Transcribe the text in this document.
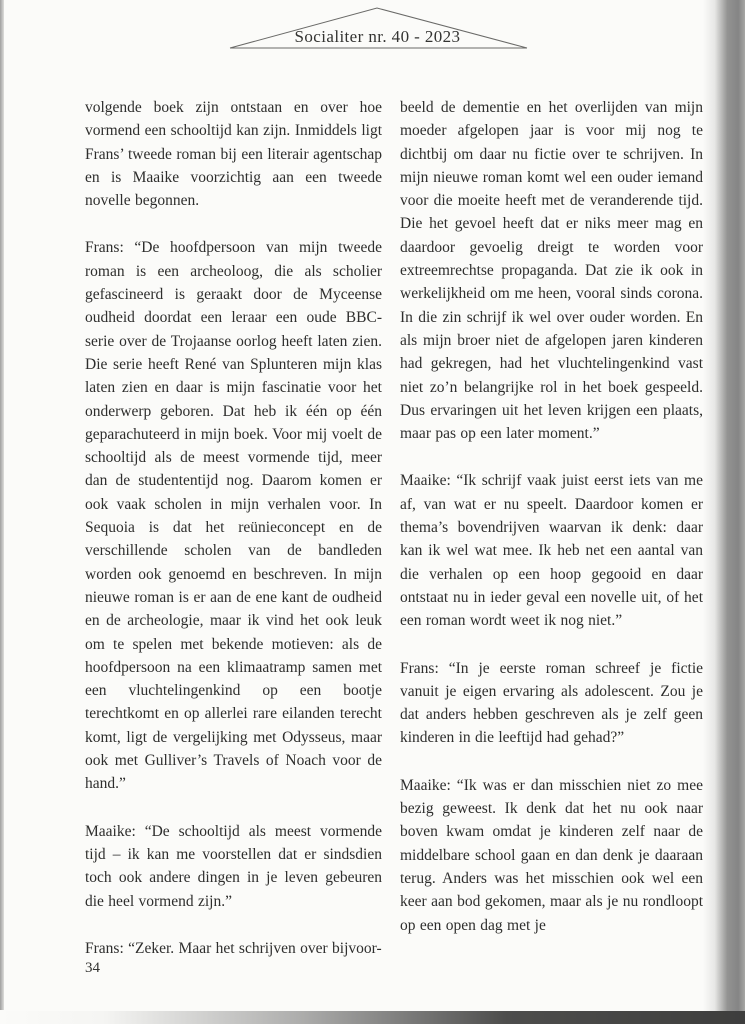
Socialiter nr. 40 - 2023

volgende boek zijn ontstaan en over hoe vormend een schooltijd kan zijn. Inmiddels ligt Frans’ tweede roman bij een literair agentschap en is Maaike voorzichtig aan een tweede novelle begonnen.

Frans: “De hoofdpersoon van mijn tweede roman is een archeoloog, die als scholier gefascineerd is geraakt door de Myceense oudheid doordat een leraar een oude BBC-serie over de Trojaanse oorlog heeft laten zien. Die serie heeft René van Splunteren mijn klas laten zien en daar is mijn fascinatie voor het onderwerp geboren. Dat heb ik één op één geparachuteerd in mijn boek. Voor mij voelt de schooltijd als de meest vormende tijd, meer dan de studententijd nog. Daarom komen er ook vaak scholen in mijn verhalen voor. In Sequoia is dat het reünieconcept en de verschillende scholen van de bandleden worden ook genoemd en beschreven. In mijn nieuwe roman is er aan de ene kant de oudheid en de archeologie, maar ik vind het ook leuk om te spelen met bekende motieven: als de hoofdpersoon na een klimaatramp samen met een vluchtelingenkind op een bootje terechtkomt en op allerlei rare eilanden terecht komt, ligt de vergelijking met Odysseus, maar ook met Gulliver’s Travels of Noach voor de hand.”

Maaike: “De schooltijd als meest vormende tijd – ik kan me voorstellen dat er sindsdien toch ook andere dingen in je leven gebeuren die heel vormend zijn.”

Frans: “Zeker. Maar het schrijven over bijvoor-

beeld de dementie en het overlijden van mijn moeder afgelopen jaar is voor mij nog te dichtbij om daar nu fictie over te schrijven. In mijn nieuwe roman komt wel een ouder iemand voor die moeite heeft met de veranderende tijd. Die het gevoel heeft dat er niks meer mag en daardoor gevoelig dreigt te worden voor extreemrechtse propaganda. Dat zie ik ook in werkelijkheid om me heen, vooral sinds corona. In die zin schrijf ik wel over ouder worden. En als mijn broer niet de afgelopen jaren kinderen had gekregen, had het vluchtelingenkind vast niet zo’n belangrijke rol in het boek gespeeld. Dus ervaringen uit het leven krijgen een plaats, maar pas op een later moment.”

Maaike: “Ik schrijf vaak juist eerst iets van me af, van wat er nu speelt. Daardoor komen er thema’s bovendrijven waarvan ik denk: daar kan ik wel wat mee. Ik heb net een aantal van die verhalen op een hoop gegooid en daar ontstaat nu in ieder geval een novelle uit, of het een roman wordt weet ik nog niet.”

Frans: “In je eerste roman schreef je fictie vanuit je eigen ervaring als adolescent. Zou je dat anders hebben geschreven als je zelf geen kinderen in die leeftijd had gehad?”

Maaike: “Ik was er dan misschien niet zo mee bezig geweest. Ik denk dat het nu ook naar boven kwam omdat je kinderen zelf naar de middelbare school gaan en dan denk je daaraan terug. Anders was het misschien ook wel een keer aan bod gekomen, maar als je nu rondloopt op een open dag met je

34
